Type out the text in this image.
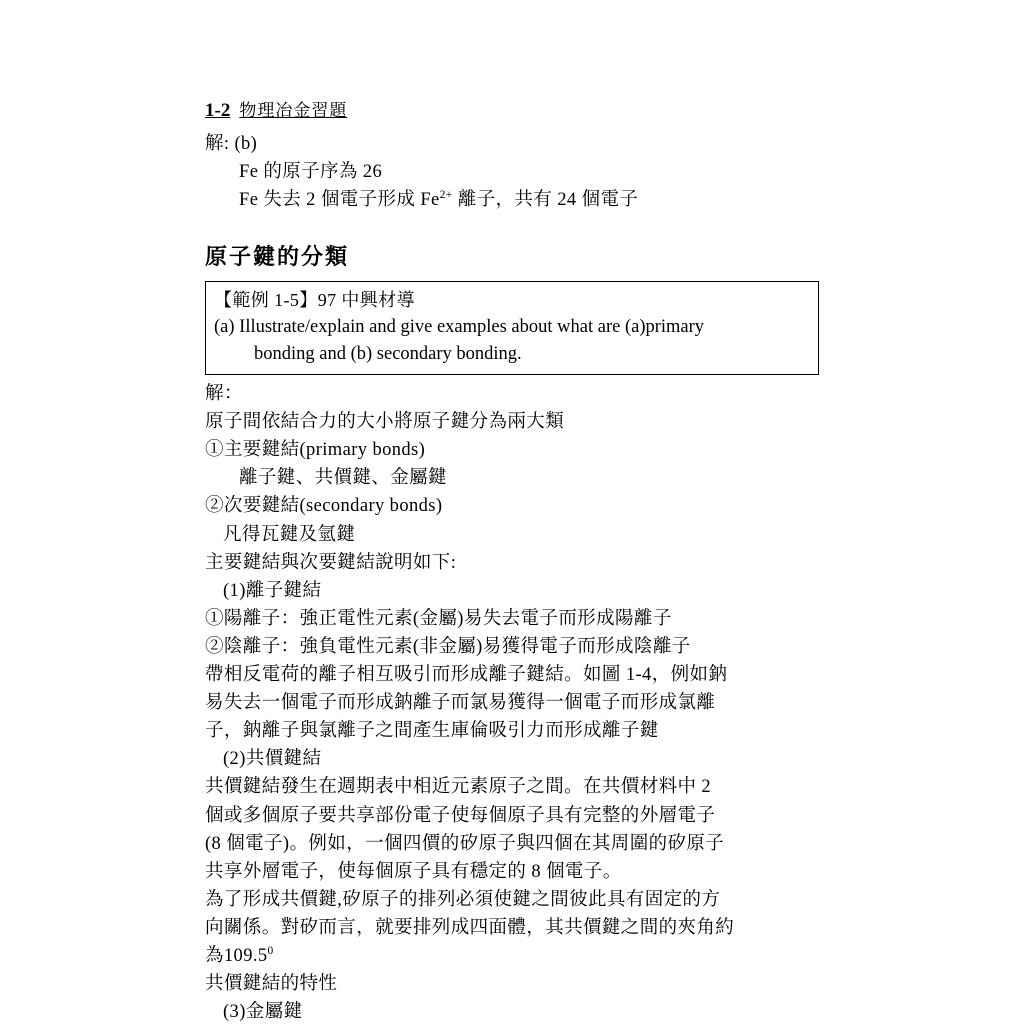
1-2 物理冶金習題
解: (b)
Fe 的原子序為 26
Fe 失去 2 個電子形成 $Fe^{2+}$ 離子，共有 24 個電子
原子鍵的分類
【範例 1-5】97 中興材導
(a) Illustrate/explain and give examples about what are (a)primary
bonding and (b) secondary bonding.
解：
原子間依結合力的大小將原子鍵分為兩大類
①主要鍵結(primary bonds)
離子鍵、共價鍵、金屬鍵
②次要鍵結(secondary bonds)
凡得瓦鍵及氫鍵
主要鍵結與次要鍵結說明如下:
(1)離子鍵結
①陽離子：強正電性元素(金屬)易失去電子而形成陽離子
②陰離子：強負電性元素(非金屬)易獲得電子而形成陰離子
帶相反電荷的離子相互吸引而形成離子鍵結。如圖 1-4，例如鈉
易失去一個電子而形成鈉離子而氯易獲得一個電子而形成氯離
子，鈉離子與氯離子之間產生庫倫吸引力而形成離子鍵
(2)共價鍵結
共價鍵結發生在週期表中相近元素原子之間。在共價材料中 2
個或多個原子要共享部份電子使每個原子具有完整的外層電子
(8 個電子)。例如，一個四價的矽原子與四個在其周圍的矽原子
共享外層電子，使每個原子具有穩定的 8 個電子。
為了形成共價鍵,矽原子的排列必須使鍵之間彼此具有固定的方
向關係。對矽而言，就要排列成四面體，其共價鍵之間的夾角約
為109.5$^0$
共價鍵結的特性
(3)金屬鍵
